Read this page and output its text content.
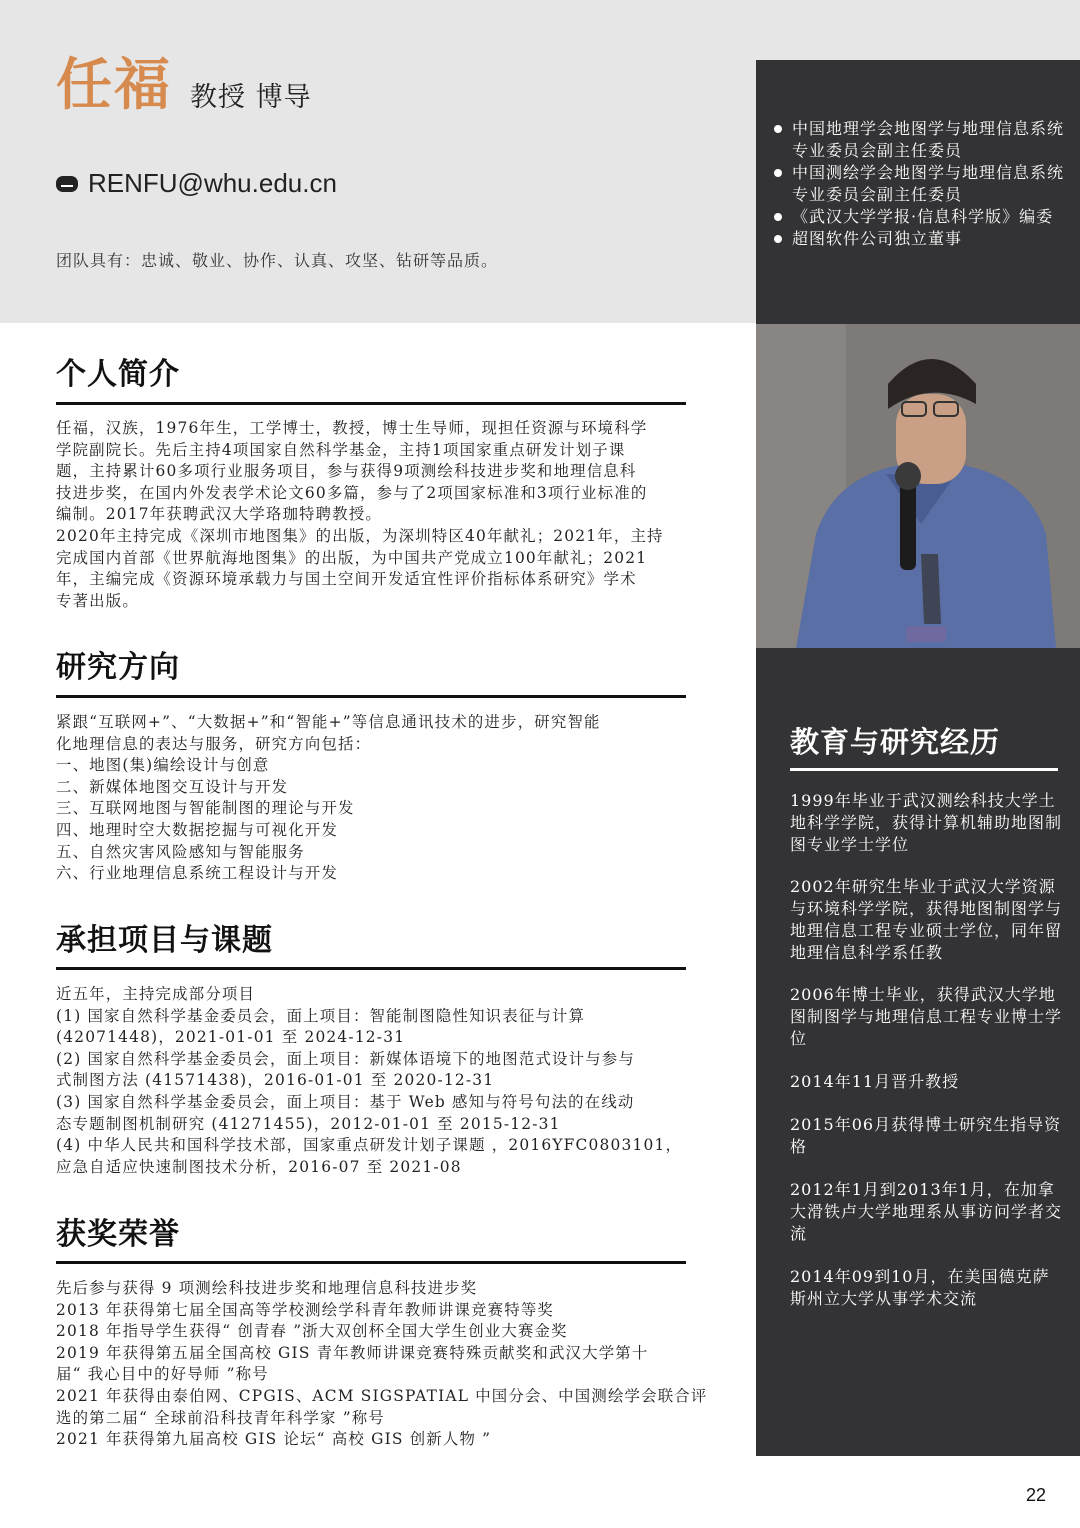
任福 教授 博导
RENFU@whu.edu.cn
团队具有：忠诚、敬业、协作、认真、攻坚、钻研等品质。
中国地理学会地图学与地理信息系统专业委员会副主任委员
中国测绘学会地图学与地理信息系统专业委员会副主任委员
《武汉大学学报·信息科学版》编委
超图软件公司独立董事
个人简介
任福，汉族，1976年生，工学博士，教授，博士生导师，现担任资源与环境科学
学院副院长。先后主持4项国家自然科学基金，主持1项国家重点研发计划子课
题，主持累计60多项行业服务项目，参与获得9项测绘科技进步奖和地理信息科
技进步奖，在国内外发表学术论文60多篇，参与了2项国家标准和3项行业标准的
编制。2017年获聘武汉大学珞珈特聘教授。
2020年主持完成《深圳市地图集》的出版，为深圳特区40年献礼；2021年，主持
完成国内首部《世界航海地图集》的出版，为中国共产党成立100年献礼；2021
年，主编完成《资源环境承载力与国土空间开发适宜性评价指标体系研究》学术
专著出版。
研究方向
紧跟“互联网+”、“大数据+”和“智能+”等信息通讯技术的进步，研究智能
化地理信息的表达与服务，研究方向包括：
一、地图(集)编绘设计与创意
二、新媒体地图交互设计与开发
三、互联网地图与智能制图的理论与开发
四、地理时空大数据挖掘与可视化开发
五、自然灾害风险感知与智能服务
六、行业地理信息系统工程设计与开发
承担项目与课题
近五年，主持完成部分项目
(1) 国家自然科学基金委员会，面上项目：智能制图隐性知识表征与计算
(42071448)，2021-01-01 至 2024-12-31
(2) 国家自然科学基金委员会，面上项目：新媒体语境下的地图范式设计与参与
式制图方法 (41571438)，2016-01-01 至 2020-12-31
(3) 国家自然科学基金委员会，面上项目：基于 Web 感知与符号句法的在线动
态专题制图机制研究 (41271455)，2012-01-01 至 2015-12-31
(4) 中华人民共和国科学技术部，国家重点研发计划子课题 ，2016YFC0803101，
应急自适应快速制图技术分析，2016-07 至 2021-08
获奖荣誉
先后参与获得 9 项测绘科技进步奖和地理信息科技进步奖
2013 年获得第七届全国高等学校测绘学科青年教师讲课竞赛特等奖
2018 年指导学生获得“ 创青春 ”浙大双创杯全国大学生创业大赛金奖
2019 年获得第五届全国高校 GIS 青年教师讲课竞赛特殊贡献奖和武汉大学第十
届“ 我心目中的好导师 ”称号
2021 年获得由泰伯网、CPGIS、ACM SIGSPATIAL 中国分会、中国测绘学会联合评
选的第二届“ 全球前沿科技青年科学家 ”称号
2021 年获得第九届高校 GIS 论坛“ 高校 GIS 创新人物 ”
教育与研究经历

1999年毕业于武汉测绘科技大学土地科学学院，获得计算机辅助地图制图专业学士学位

2002年研究生毕业于武汉大学资源与环境科学学院，获得地图制图学与地理信息工程专业硕士学位，同年留地理信息科学系任教

2006年博士毕业，获得武汉大学地图制图学与地理信息工程专业博士学位

2014年11月晋升教授

2015年06月获得博士研究生指导资格

2012年1月到2013年1月，在加拿大滑铁卢大学地理系从事访问学者交流

2014年09到10月，在美国德克萨斯州立大学从事学术交流

22
